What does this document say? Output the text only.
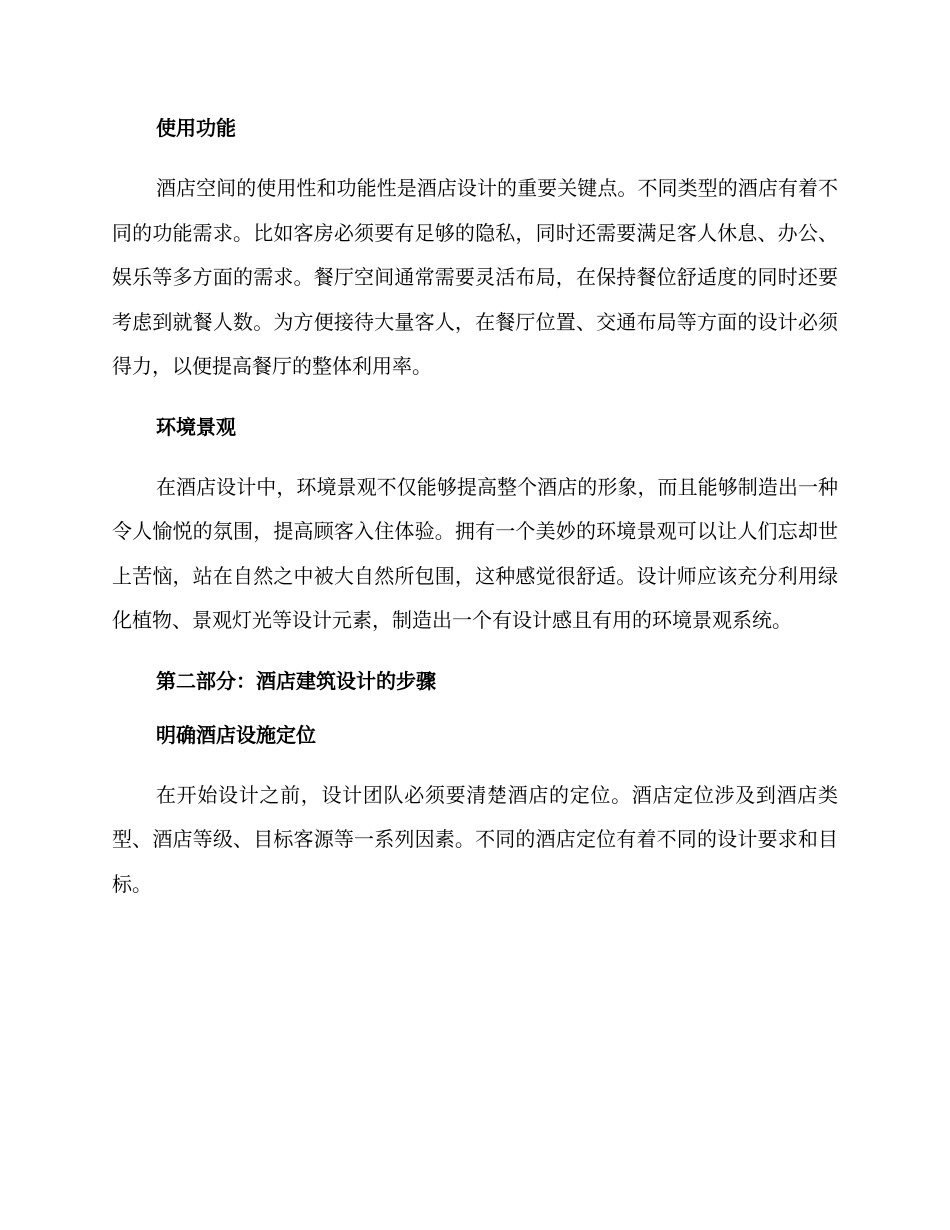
使用功能

酒店空间的使用性和功能性是酒店设计的重要关键点。不同类型的酒店有着不同的功能需求。比如客房必须要有足够的隐私，同时还需要满足客人休息、办公、娱乐等多方面的需求。餐厅空间通常需要灵活布局，在保持餐位舒适度的同时还要考虑到就餐人数。为方便接待大量客人，在餐厅位置、交通布局等方面的设计必须得力，以便提高餐厅的整体利用率。

环境景观

在酒店设计中，环境景观不仅能够提高整个酒店的形象，而且能够制造出一种令人愉悦的氛围，提高顾客入住体验。拥有一个美妙的环境景观可以让人们忘却世上苦恼，站在自然之中被大自然所包围，这种感觉很舒适。设计师应该充分利用绿化植物、景观灯光等设计元素，制造出一个有设计感且有用的环境景观系统。

第二部分：酒店建筑设计的步骤
明确酒店设施定位

在开始设计之前，设计团队必须要清楚酒店的定位。酒店定位涉及到酒店类型、酒店等级、目标客源等一系列因素。不同的酒店定位有着不同的设计要求和目标。
